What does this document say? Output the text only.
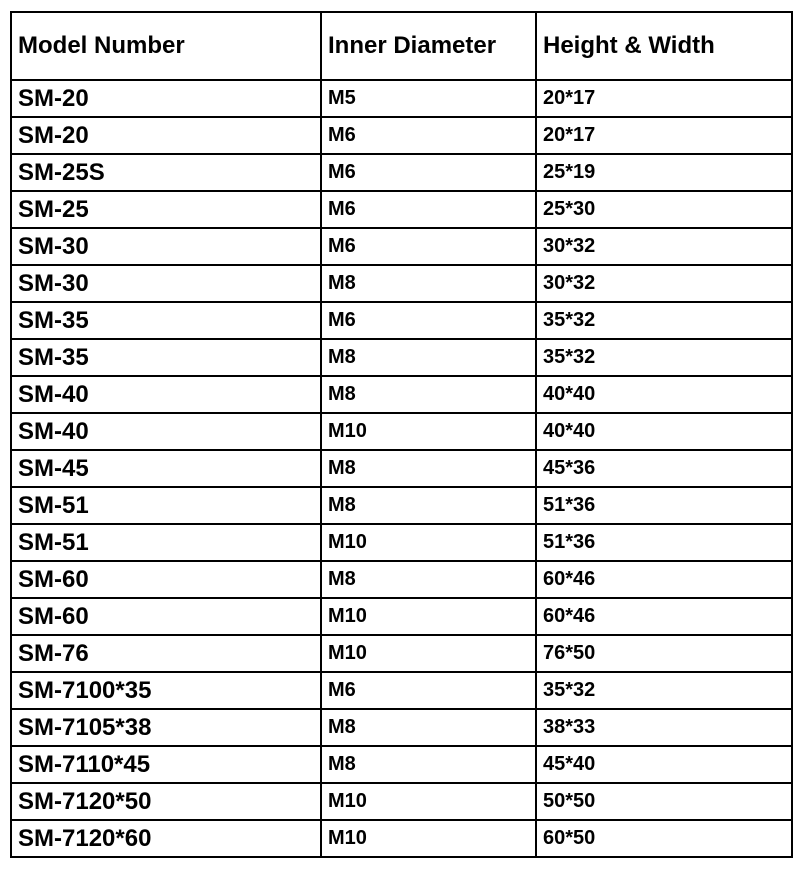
Model Number	Inner Diameter	Height & Width
SM-20	M5	20*17
SM-20	M6	20*17
SM-25S	M6	25*19
SM-25	M6	25*30
SM-30	M6	30*32
SM-30	M8	30*32
SM-35	M6	35*32
SM-35	M8	35*32
SM-40	M8	40*40
SM-40	M10	40*40
SM-45	M8	45*36
SM-51	M8	51*36
SM-51	M10	51*36
SM-60	M8	60*46
SM-60	M10	60*46
SM-76	M10	76*50
SM-7100*35	M6	35*32
SM-7105*38	M8	38*33
SM-7110*45	M8	45*40
SM-7120*50	M10	50*50
SM-7120*60	M10	60*50
